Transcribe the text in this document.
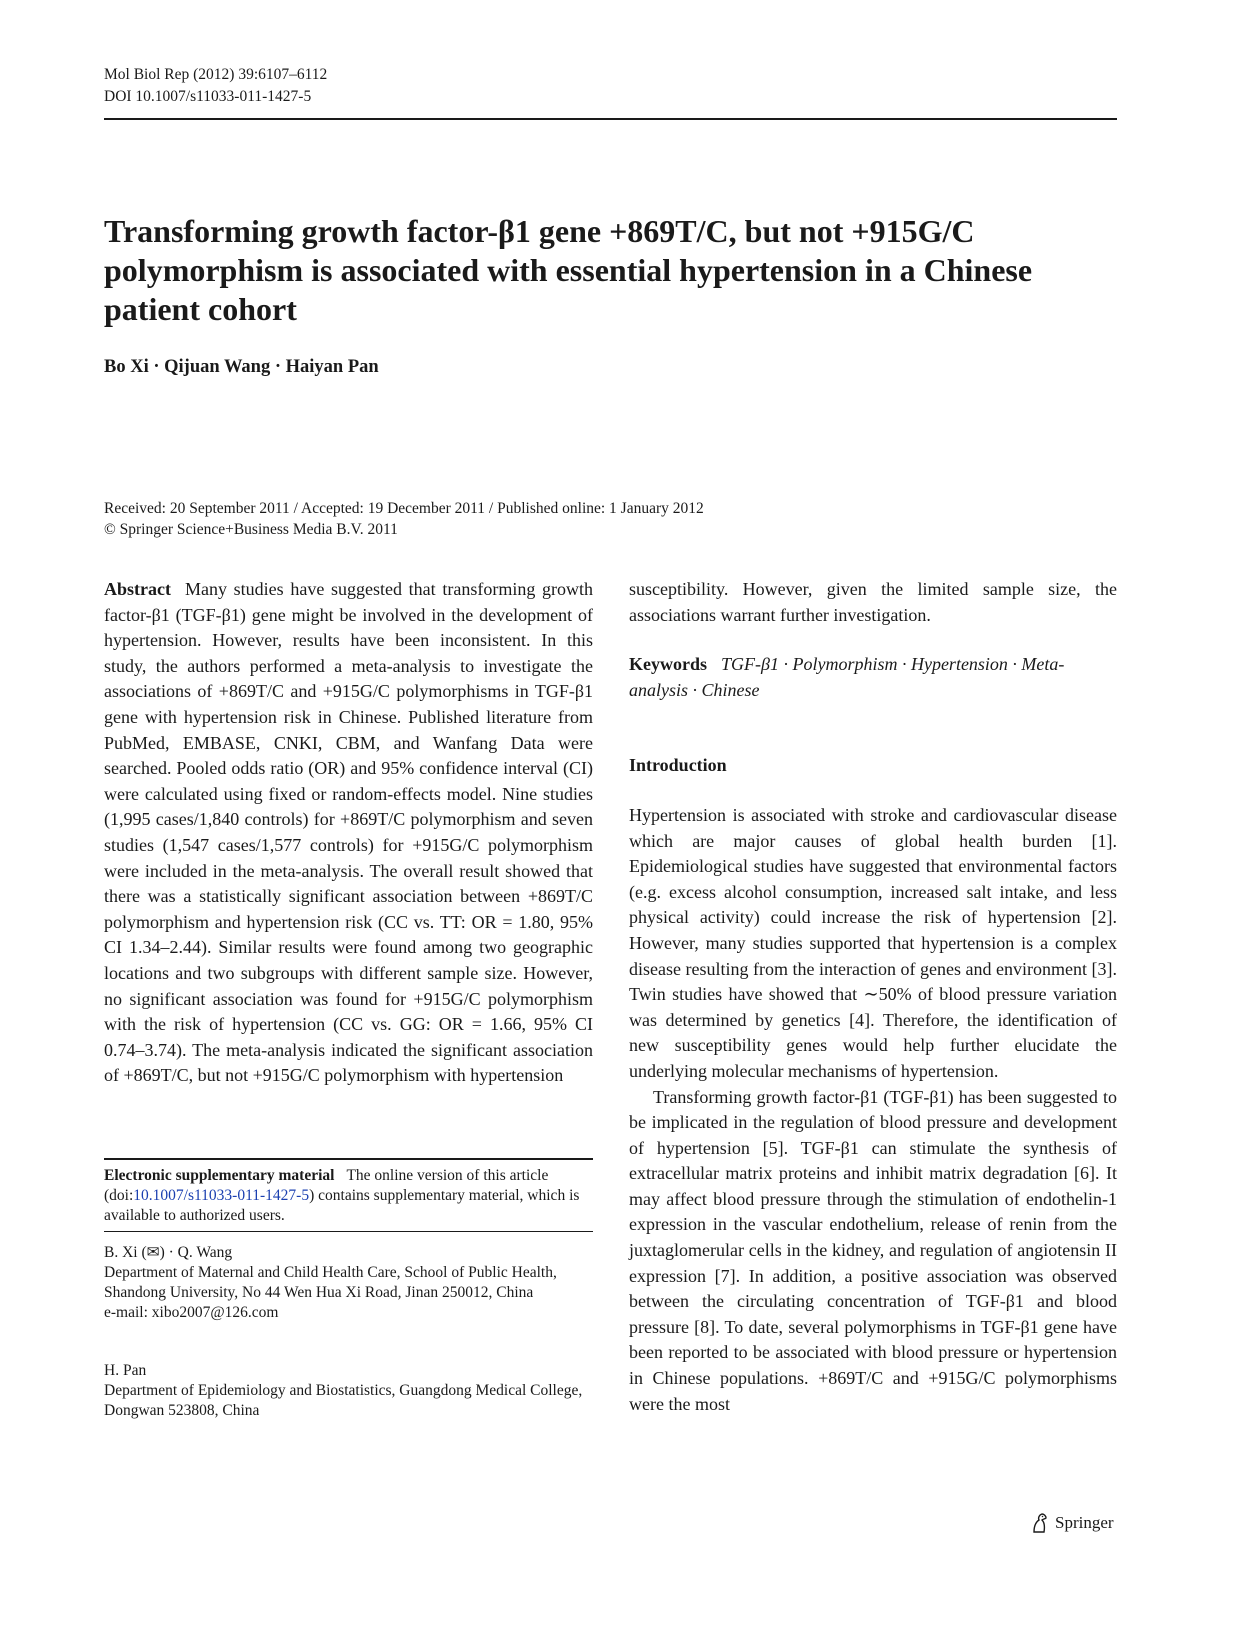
Mol Biol Rep (2012) 39:6107–6112
DOI 10.1007/s11033-011-1427-5
Transforming growth factor-β1 gene +869T/C, but not +915G/C polymorphism is associated with essential hypertension in a Chinese patient cohort
Bo Xi · Qijuan Wang · Haiyan Pan
Received: 20 September 2011 / Accepted: 19 December 2011 / Published online: 1 January 2012
© Springer Science+Business Media B.V. 2011

Abstract Many studies have suggested that transforming growth factor-β1 (TGF-β1) gene might be involved in the development of hypertension. However, results have been inconsistent. In this study, the authors performed a meta-analysis to investigate the associations of +869T/C and +915G/C polymorphisms in TGF-β1 gene with hypertension risk in Chinese. Published literature from PubMed, EMBASE, CNKI, CBM, and Wanfang Data were searched. Pooled odds ratio (OR) and 95% confidence interval (CI) were calculated using fixed or random-effects model. Nine studies (1,995 cases/1,840 controls) for +869T/C polymorphism and seven studies (1,547 cases/1,577 controls) for +915G/C polymorphism were included in the meta-analysis. The overall result showed that there was a statistically significant association between +869T/C polymorphism and hypertension risk (CC vs. TT: OR = 1.80, 95% CI 1.34–2.44). Similar results were found among two geographic locations and two subgroups with different sample size. However, no significant association was found for +915G/C polymorphism with the risk of hypertension (CC vs. GG: OR = 1.66, 95% CI 0.74–3.74). The meta-analysis indicated the significant association of +869T/C, but not +915G/C polymorphism with hypertension

Electronic supplementary material The online version of this article (doi:10.1007/s11033-011-1427-5) contains supplementary material, which is available to authorized users.
B. Xi (✉) · Q. Wang
Department of Maternal and Child Health Care, School of Public Health, Shandong University, No 44 Wen Hua Xi Road, Jinan 250012, China
e-mail: xibo2007@126.com
H. Pan
Department of Epidemiology and Biostatistics, Guangdong Medical College, Dongwan 523808, China

susceptibility. However, given the limited sample size, the associations warrant further investigation.

Keywords TGF-β1 · Polymorphism · Hypertension · Meta-analysis · Chinese

Introduction

Hypertension is associated with stroke and cardiovascular disease which are major causes of global health burden [1]. Epidemiological studies have suggested that environmental factors (e.g. excess alcohol consumption, increased salt intake, and less physical activity) could increase the risk of hypertension [2]. However, many studies supported that hypertension is a complex disease resulting from the interaction of genes and environment [3]. Twin studies have showed that ∼50% of blood pressure variation was determined by genetics [4]. Therefore, the identification of new susceptibility genes would help further elucidate the underlying molecular mechanisms of hypertension.

Transforming growth factor-β1 (TGF-β1) has been suggested to be implicated in the regulation of blood pressure and development of hypertension [5]. TGF-β1 can stimulate the synthesis of extracellular matrix proteins and inhibit matrix degradation [6]. It may affect blood pressure through the stimulation of endothelin-1 expression in the vascular endothelium, release of renin from the juxtaglomerular cells in the kidney, and regulation of angiotensin II expression [7]. In addition, a positive association was observed between the circulating concentration of TGF-β1 and blood pressure [8]. To date, several polymorphisms in TGF-β1 gene have been reported to be associated with blood pressure or hypertension in Chinese populations. +869T/C and +915G/C polymorphisms were the most

Springer
